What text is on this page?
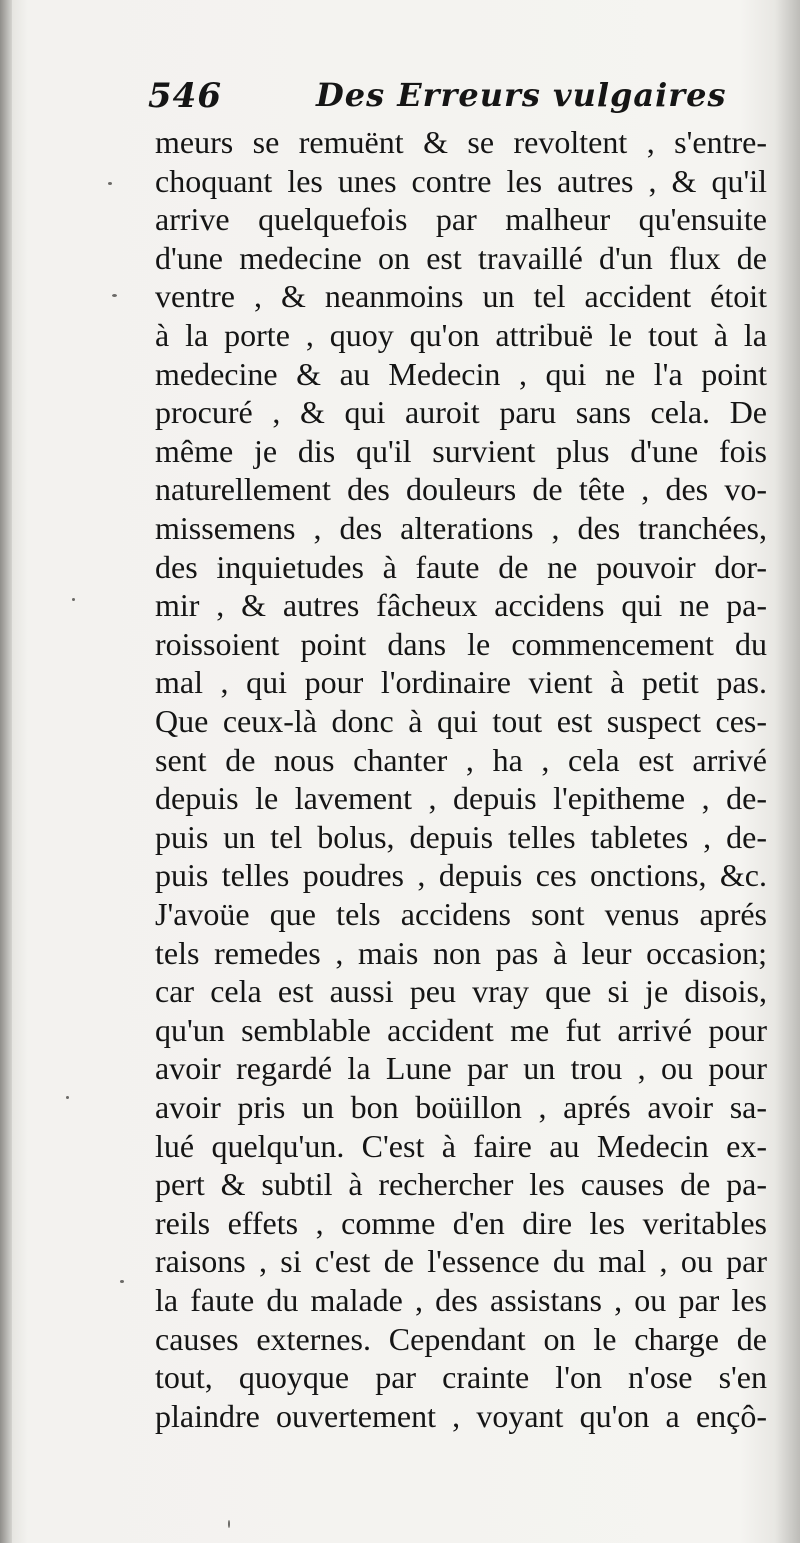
546	Des Erreurs vulgaires
meurs se remuënt & se revoltent , s'entre-
choquant les unes contre les autres , & qu'il
arrive quelquefois par malheur qu'ensuite
d'une medecine on est travaillé d'un flux de
ventre , & neanmoins un tel accident étoit
à la porte , quoy qu'on attribuë le tout à la
medecine & au Medecin , qui ne l'a point
procuré , & qui auroit paru sans cela. De
même je dis qu'il survient plus d'une fois
naturellement des douleurs de tête , des vo-
missemens , des alterations , des tranchées,
des inquietudes à faute de ne pouvoir dor-
mir , & autres fâcheux accidens qui ne pa-
roissoient point dans le commencement du
mal , qui pour l'ordinaire vient à petit pas.
Que ceux-là donc à qui tout est suspect ces-
sent de nous chanter , ha , cela est arrivé
depuis le lavement , depuis l'epitheme , de-
puis un tel bolus, depuis telles tabletes , de-
puis telles poudres , depuis ces onctions, &c.
J'avoüe que tels accidens sont venus aprés
tels remedes , mais non pas à leur occasion;
car cela est aussi peu vray que si je disois,
qu'un semblable accident me fut arrivé pour
avoir regardé la Lune par un trou , ou pour
avoir pris un bon boüillon , aprés avoir sa-
lué quelqu'un. C'est à faire au Medecin ex-
pert & subtil à rechercher les causes de pa-
reils effets , comme d'en dire les veritables
raisons , si c'est de l'essence du mal , ou par
la faute du malade , des assistans , ou par les
causes externes. Cependant on le charge de
tout, quoyque par crainte l'on n'ose s'en
plaindre ouvertement , voyant qu'on a ençô-
